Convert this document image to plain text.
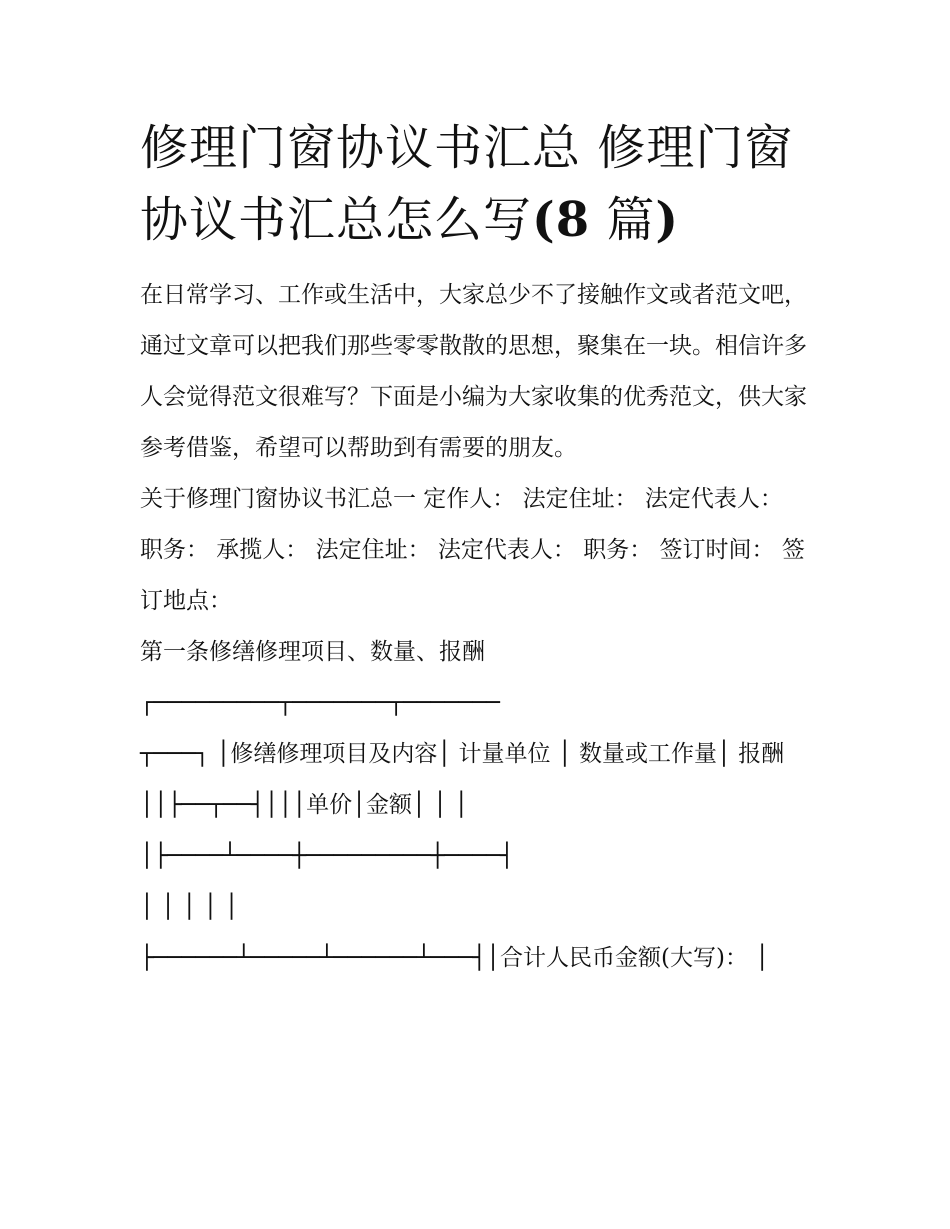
修理门窗协议书汇总 修理门窗
协议书汇总怎么写(8 篇)

在日常学习、工作或生活中，大家总少不了接触作文或者范文吧，通过文章可以把我们那些零零散散的思想，聚集在一块。相信许多人会觉得范文很难写？下面是小编为大家收集的优秀范文，供大家参考借鉴，希望可以帮助到有需要的朋友。

关于修理门窗协议书汇总一 定作人： 法定住址： 法定代表人： 职务： 承揽人： 法定住址： 法定代表人： 职务： 签订时间： 签订地点：

第一条修缮修理项目、数量、报酬

┌─────────┬───────┬───────

┬───┐ │修缮修理项目及内容│ 计量单位 │ 数量或工作量│ 报酬

││├──┬──┤│││单价│金额│ │ │

│├────┴────┼─────────┼────┤

│ │ │ │ │

├──────┴─────┴──────┴───┤│合计人民币金额(大写)： │
